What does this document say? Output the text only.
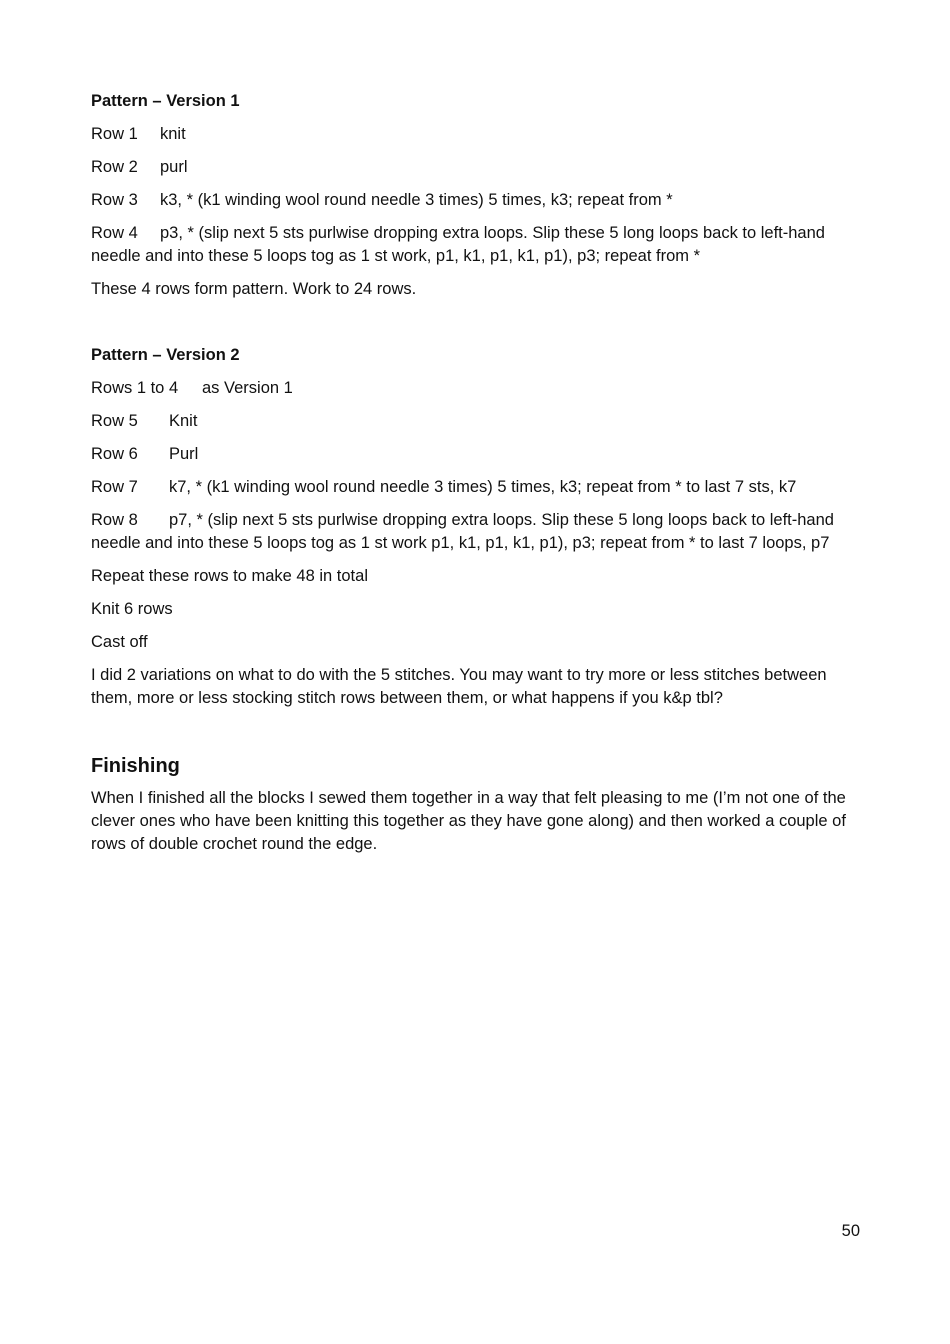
Pattern – Version 1

Row 1 knit

Row 2 purl

Row 3 k3, * (k1 winding wool round needle 3 times) 5 times, k3; repeat from *

Row 4 p3, * (slip next 5 sts purlwise dropping extra loops. Slip these 5 long loops back to left-hand needle and into these 5 loops tog as 1 st work, p1, k1, p1, k1, p1), p3; repeat from *

These 4 rows form pattern. Work to 24 rows.

Pattern – Version 2

Rows 1 to 4 as Version 1

Row 5 Knit

Row 6 Purl

Row 7 k7, * (k1 winding wool round needle 3 times) 5 times, k3; repeat from * to last 7 sts, k7

Row 8 p7, * (slip next 5 sts purlwise dropping extra loops. Slip these 5 long loops back to left-hand needle and into these 5 loops tog as 1 st work p1, k1, p1, k1, p1), p3; repeat from * to last 7 loops, p7

Repeat these rows to make 48 in total

Knit 6 rows

Cast off

I did 2 variations on what to do with the 5 stitches. You may want to try more or less stitches between them, more or less stocking stitch rows between them, or what happens if you k&p tbl?

Finishing

When I finished all the blocks I sewed them together in a way that felt pleasing to me (I’m not one of the clever ones who have been knitting this together as they have gone along) and then worked a couple of rows of double crochet round the edge.

50
